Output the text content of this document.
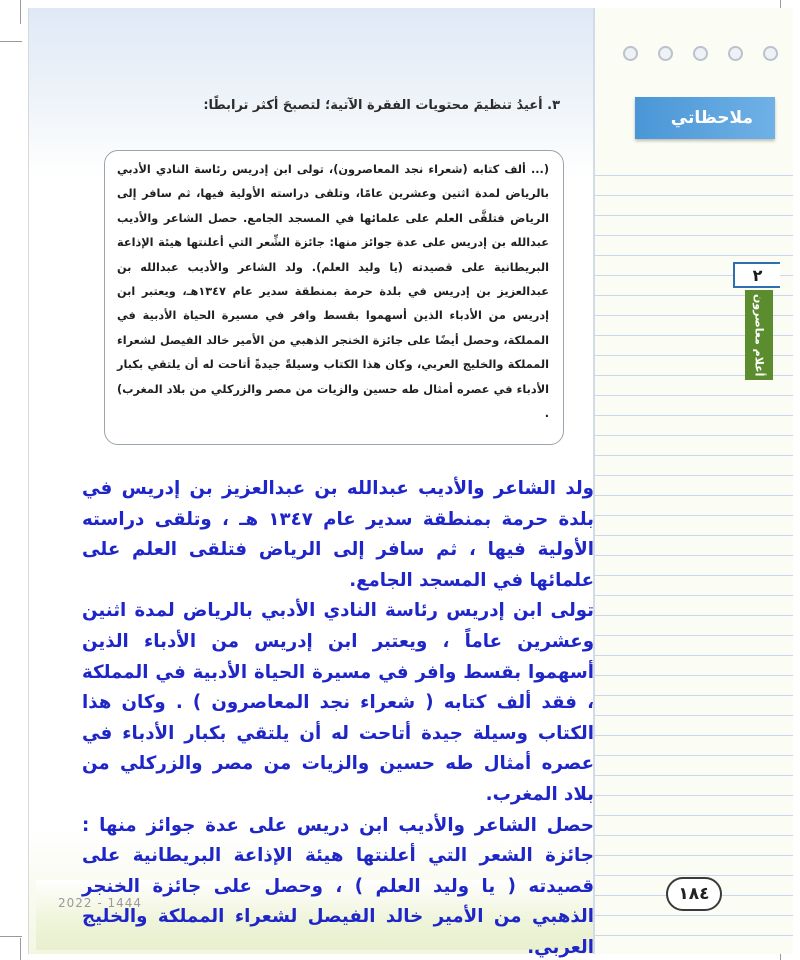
2022 - 1444
ملاحظاتي
٢
أعلام معاصرون
١٨٤
٣. أعيدُ تنظيمَ محتويات الفقرة الآتية؛ لتصبحَ أكثر ترابطًا:
(... ألف كتابه (شعراء نجد المعاصرون)، تولى ابن إدريس رئاسة النادي الأدبي بالرياض لمدة اثنين وعشرين عامًا، وتلقى دراسته الأولية فيها، ثم سافر إلى الرياض فتلقَّى العلم على علمائها في المسجد الجامع. حصل الشاعر والأديب عبدالله بن إدريس على عدة جوائز منها: جائزة الشِّعر التي أعلنتها هيئة الإذاعة البريطانية على قصيدته (يا وليد العلم). ولد الشاعر والأديب عبدالله بن عبدالعزيز بن إدريس في بلدة حرمة بمنطقة سدير عام ١٣٤٧هـ، ويعتبر ابن إدريس من الأدباء الذين أسهموا بقسط وافر في مسيرة الحياة الأدبية في المملكة، وحصل أيضًا على جائزة الخنجر الذهبي من الأمير خالد الفيصل لشعراء المملكة والخليج العربي، وكان هذا الكتاب وسيلةً جيدةً أتاحت له أن يلتقي بكبار الأدباء في عصره أمثال طه حسين والزيات من مصر والزركلي من بلاد المغرب) .

ولد الشاعر والأديب عبدالله بن عبدالعزيز بن إدريس في بلدة حرمة بمنطقة سدير عام ١٣٤٧ هـ ، وتلقى دراسته الأولية فيها ، ثم سافر إلى الرياض فتلقى العلم على علمائها في المسجد الجامع.

تولى ابن إدريس رئاسة النادي الأدبي بالرياض لمدة اثنين وعشرين عاماً ، ويعتبر ابن إدريس من الأدباء الذين أسهموا بقسط وافر في مسيرة الحياة الأدبية في المملكة ، فقد ألف كتابه ( شعراء نجد المعاصرون ) . وكان هذا الكتاب وسيلة جيدة أتاحت له أن يلتقي بكبار الأدباء في عصره أمثال طه حسين والزيات من مصر والزركلي من بلاد المغرب.

حصل الشاعر والأديب ابن دريس على عدة جوائز منها : جائزة الشعر التي أعلنتها هيئة الإذاعة البريطانية على قصيدته ( يا وليد العلم ) ، وحصل على جائزة الخنجر الذهبي من الأمير خالد الفيصل لشعراء المملكة والخليج العربي.
